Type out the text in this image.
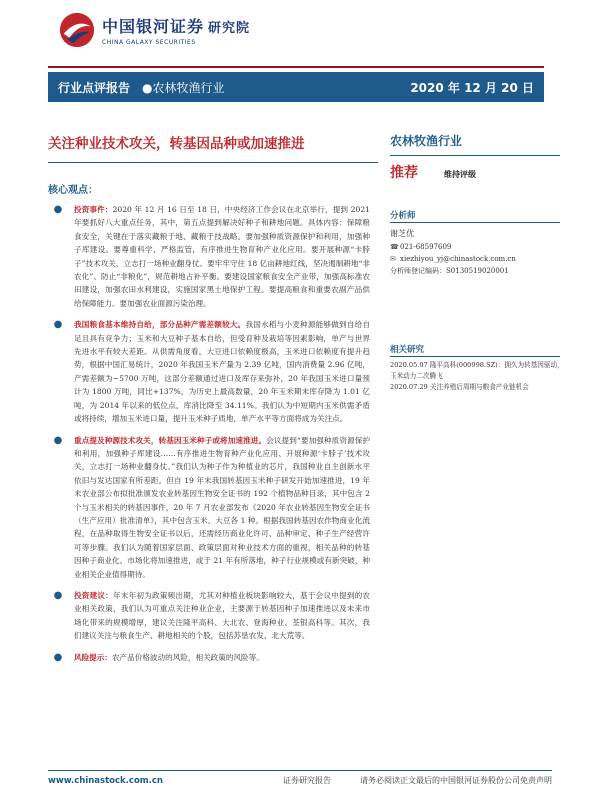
中国银河证券 研究院
CHINA GALAXY SECURITIES
行业点评报告 ●农林牧渔行业	2020 年 12 月 20 日
关注种业技术攻关，转基因品种或加速推进
核心观点：
●	投资事件：2020 年 12 月 16 日至 18 日，中央经济工作会议在北京举行，提到 2021 年要抓好八大重点任务，其中，第五点提到解决好种子和耕地问题。具体内容：保障粮食安全，关键在于落实藏粮于地、藏粮于技战略。要加强种质资源保护和利用，加强种子库建设。要尊重科学、严格监管，有序推进生物育种产业化应用。要开展种源“卡脖子”技术攻关，立志打一场种业翻身仗。要牢牢守住 18 亿亩耕地红线，坚决遏制耕地“非农化”、防止“非粮化”，规范耕地占补平衡。要建设国家粮食安全产业带，加强高标准农田建设，加强农田水利建设，实施国家黑土地保护工程。要提高粮食和重要农副产品供给保障能力。要加强农业面源污染治理。
●	我国粮食基本维持自给，部分品种产需差额较大。我国水稻与小麦种源能够做到自给自足且具有竞争力；玉米和大豆种子基本自给，但受育种及栽培等因素影响，单产与世界先进水平有较大差距。从供需角度看，大豆进口依赖度极高，玉米进口依赖度有提升趋势，根据中国汇易统计，2020 年我国玉米产量为 2.39 亿吨，国内消费量 2.96 亿吨，产需差额为~5700 万吨，这部分差额通过进口及库存来弥补，20 年我国玉米进口量预计为 1800 万吨，同比+137%，为历史上最高数量，20 年玉米期末库存降为 1.01 亿吨，为 2014 年以来的低位点，库消比降至 34.11%。我们认为中短期内玉米供需矛盾或将持续，增加玉米进口量，提升玉米种子质地，单产水平等方面将成为关注点。
●	重点提及种源技术攻关，转基因玉米种子或将加速推进。会议提到“要加强种质资源保护和利用，加强种子库建设……有序推进生物育种产业化应用、开展种源‘卡脖子’技术攻关，立志打一场种业翻身仗。”我们认为种子作为种植业的芯片，我国种业自主创新水平依旧与发达国家有所差距。但自 19 年末我国转基因玉米种子研发开始加速推进，19 年末农业部公布拟批准颁发农业转基因生物安全证书的 192 个植物品种目录，其中包含 2 个与玉米相关的转基因事件，20 年 7 月农业部发布《2020 年农业转基因生物安全证书（生产应用）批准清单》，其中包含玉米、大豆各 1 种。根据我国转基因农作物商业化流程，在品种取得生物安全证书以后，还需经历商业化许可、品种审定、种子生产经营许可等步骤。我们认为随着国家层面、政策层面对种业技术方面的重视，相关品种的转基因种子商业化、市场化将加速推进，或于 21 年有所落地，种子行业规模或有新突破，种业相关企业值得期待。
●	投资建议：年末年初为政策频出期，尤其对种植业板块影响较大，基于会议中提到的农业相关政策，我们认为可重点关注种业企业，主要源于转基因种子加速推进以及未来市场化带来的规模增厚，建议关注隆平高科、大北农、登海种业、荃银高科等。其次，我们建议关注与粮食生产、耕地相关的个股，包括苏垦农发、北大荒等。
●	风险提示：农产品价格波动的风险，相关政策的风险等。
农林牧渔行业
推荐	维持评级
分析师
谢芝优
☎ 021-68597609
✉ xiezhiyou_yj@chinastock.com.cn
分析师登记编码：S0130519020001
相关研究
2020.05.07 隆平高科(000998.SZ)：拥久为转基因驱动，玉米动力二次腾飞
2020.07.29 关注养殖后周期与粮食产业链机会
www.chinastock.com.cn	证券研究报告	请务必阅读正文最后的中国银河证券股份公司免责声明
